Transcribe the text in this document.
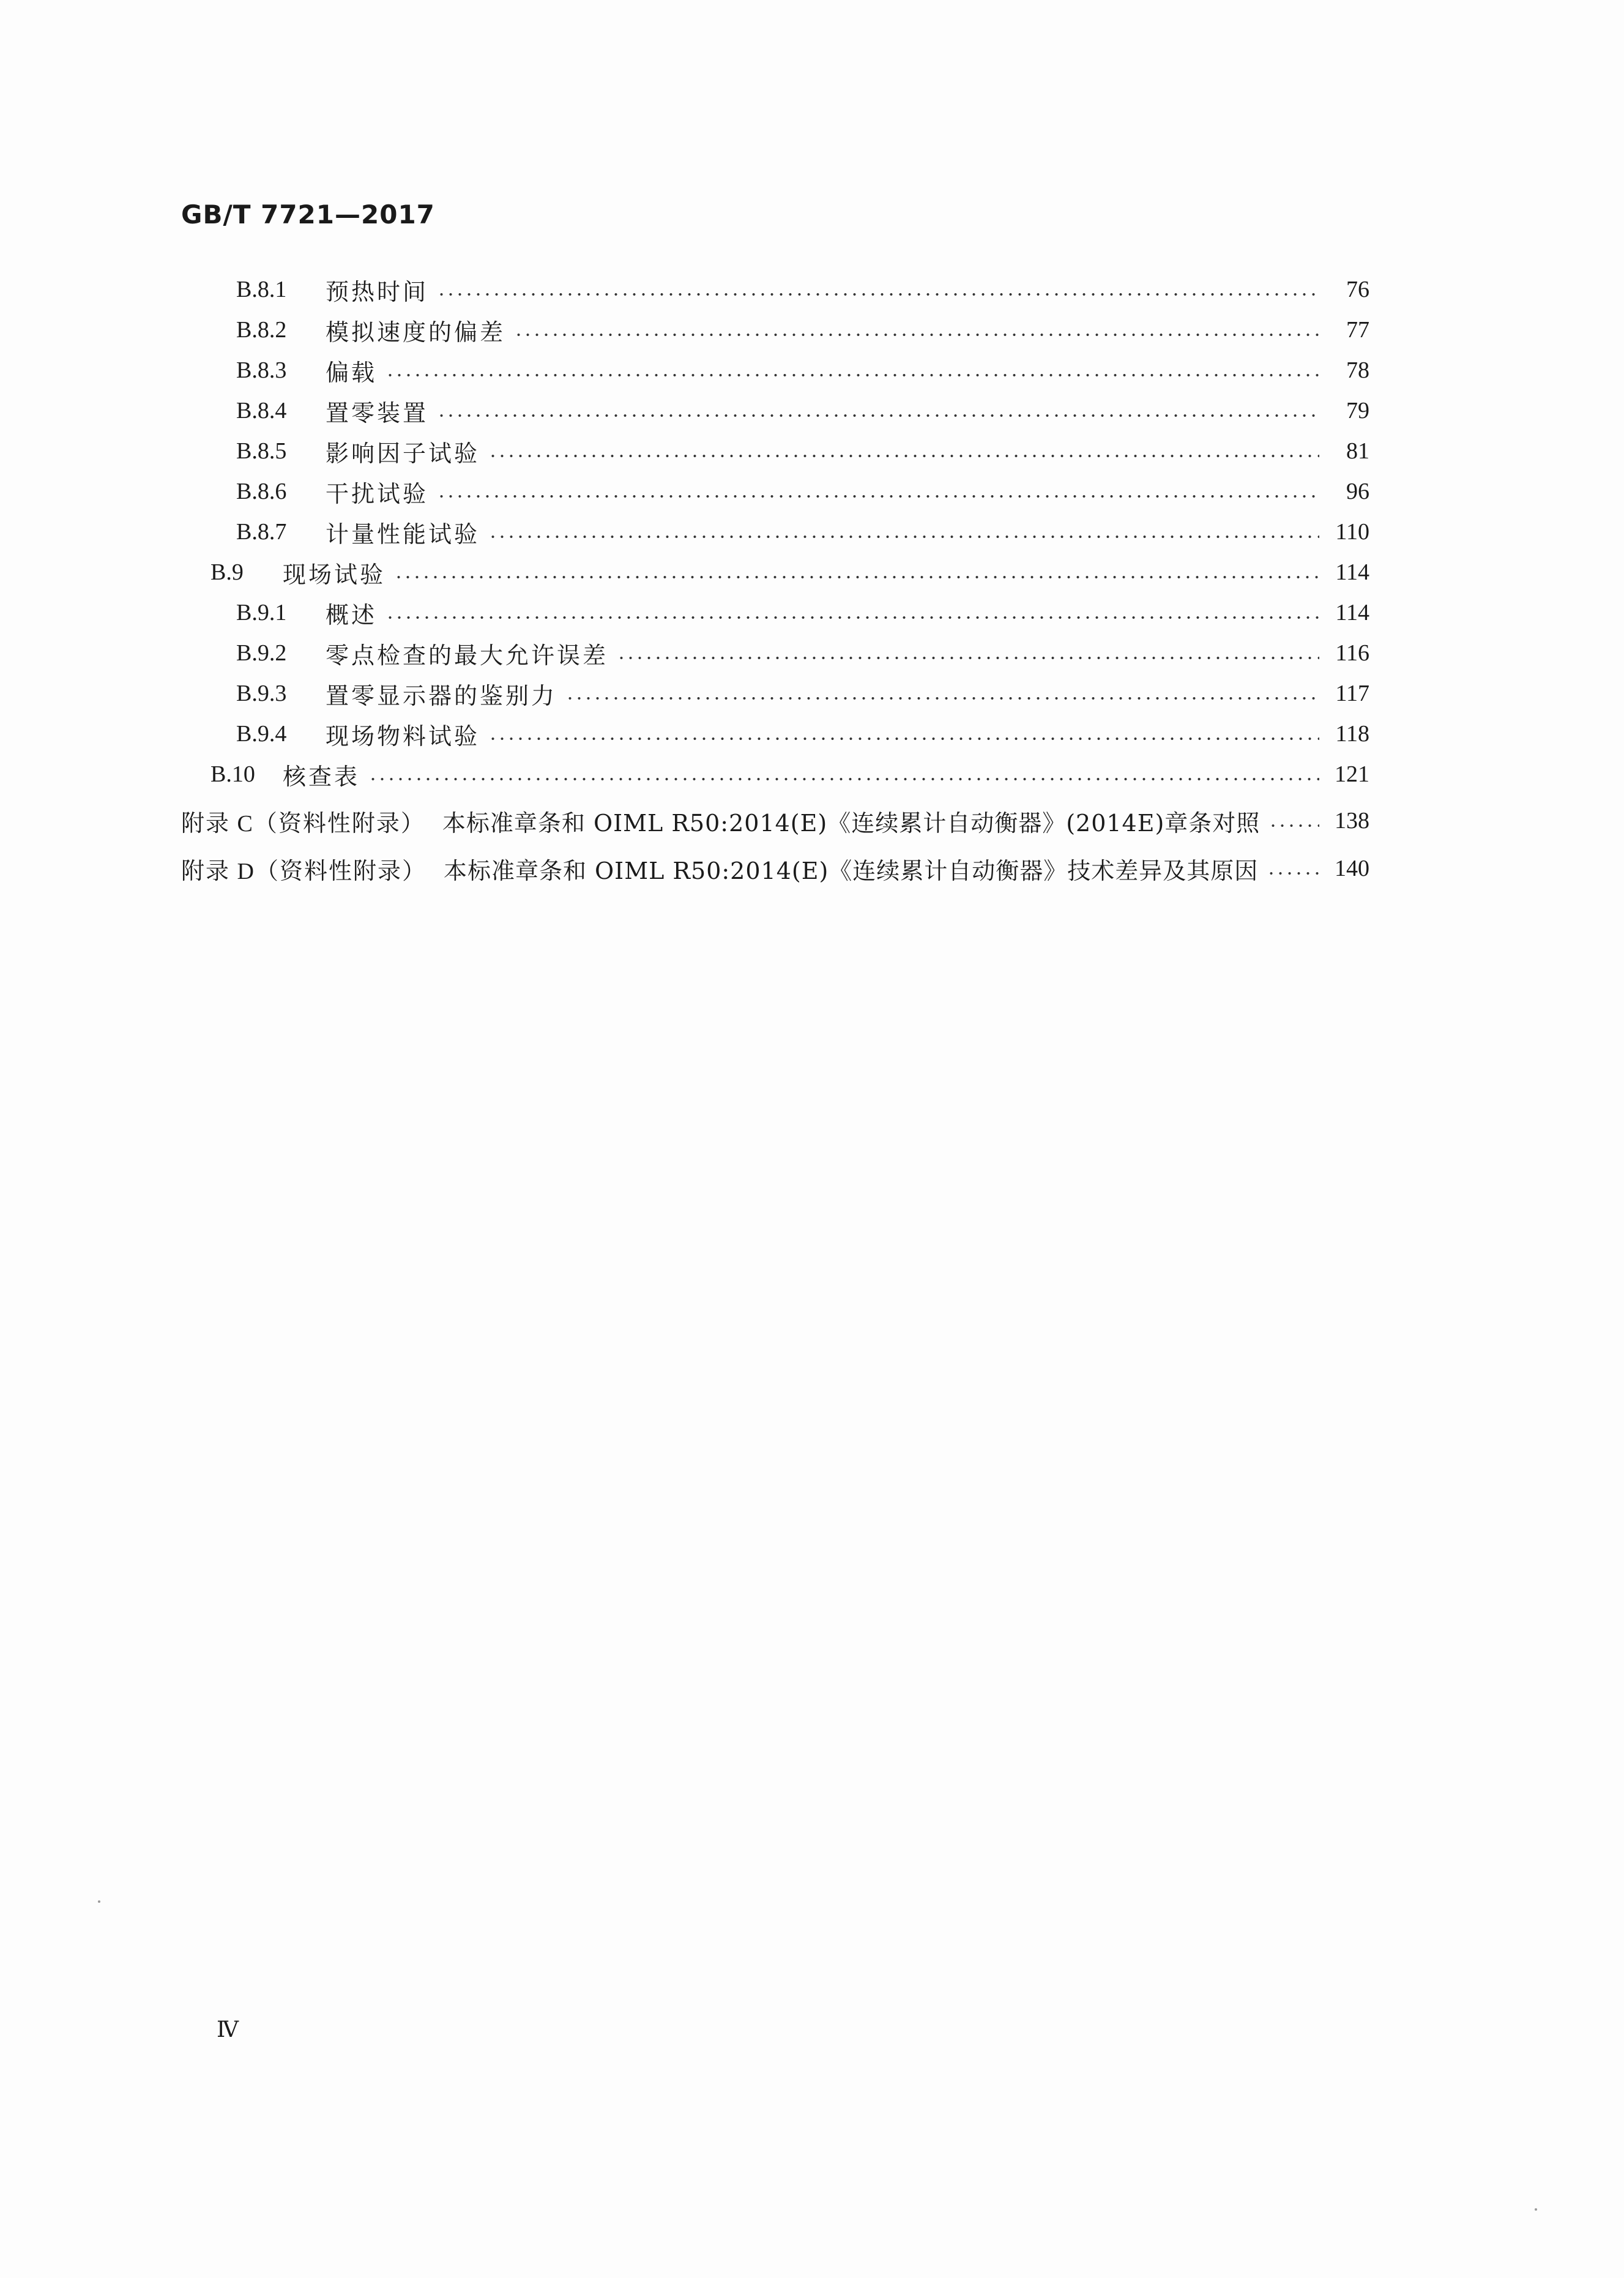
GB/T 7721—2017
B.8.1	预热时间	76
B.8.2	模拟速度的偏差	77
B.8.3	偏载	78
B.8.4	置零装置	79
B.8.5	影响因子试验	81
B.8.6	干扰试验	96
B.8.7	计量性能试验	110
B.9	现场试验	114
B.9.1	概述	114
B.9.2	零点检查的最大允许误差	116
B.9.3	置零显示器的鉴别力	117
B.9.4	现场物料试验	118
B.10	核查表	121
附录 C（资料性附录） 本标准章条和 OIML R50:2014(E)《连续累计自动衡器》(2014E)章条对照	138
附录 D（资料性附录） 本标准章条和 OIML R50:2014(E)《连续累计自动衡器》技术差异及其原因	140
Ⅳ
